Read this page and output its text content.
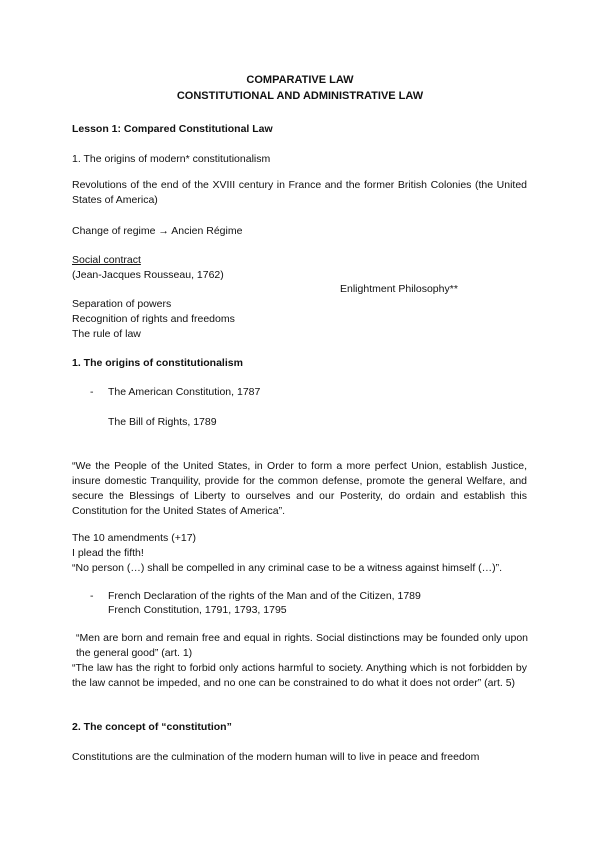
COMPARATIVE LAW
CONSTITUTIONAL AND ADMINISTRATIVE LAW
Lesson 1: Compared Constitutional Law
1. The origins of modern* constitutionalism
Revolutions of the end of the XVIII century in France and the former British Colonies (the United States of America)
Change of regime → Ancien Régime
Social contract
(Jean-Jacques Rousseau, 1762)
Enlightment Philosophy**
Separation of powers
Recognition of rights and freedoms
The rule of law
1. The origins of constitutionalism
- The American Constitution, 1787
The Bill of Rights, 1789
“We the People of the United States, in Order to form a more perfect Union, establish Justice, insure domestic Tranquility, provide for the common defense, promote the general Welfare, and secure the Blessings of Liberty to ourselves and our Posterity, do ordain and establish this Constitution for the United States of America”.
The 10 amendments (+17)
I plead the fifth!
“No person (…) shall be compelled in any criminal case to be a witness against himself (…)”.
- French Declaration of the rights of the Man and of the Citizen, 1789
French Constitution, 1791, 1793, 1795
“Men are born and remain free and equal in rights. Social distinctions may be founded only upon the general good” (art. 1)
“The law has the right to forbid only actions harmful to society. Anything which is not forbidden by the law cannot be impeded, and no one can be constrained to do what it does not order” (art. 5)
2. The concept of “constitution”
Constitutions are the culmination of the modern human will to live in peace and freedom
